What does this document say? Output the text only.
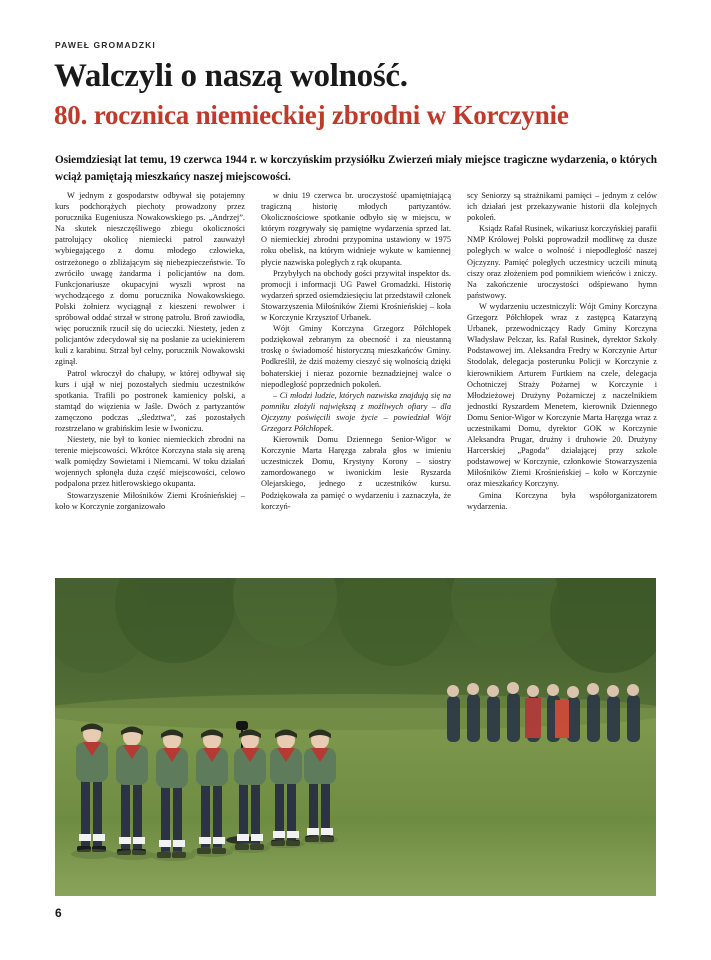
PAWEŁ GROMADZKI
Walczyli o naszą wolność.
80. rocznica niemieckiej zbrodni w Korczynie
Osiemdziesiąt lat temu, 19 czerwca 1944 r. w korczyńskim przysiółku Zwierzeń miały miejsce tragiczne wydarzenia, o których wciąż pamiętają mieszkańcy naszej miejscowości.

W jednym z gospodarstw odbywał się potajemny kurs podchorążych piechoty prowadzony przez porucznika Eugeniusza Nowakowskiego ps. „Andrzej”. Na skutek nieszczęśliwego zbiegu okoliczności patrolujący okolicę niemiecki patrol zauważył wybiegającego z domu młodego człowieka, ostrzeżonego o zbliżającym się niebezpieczeństwie. To zwróciło uwagę żandarma i policjantów na dom. Funkcjonariusze okupacyjni wyszli wprost na wychodzącego z domu porucznika Nowakowskiego. Polski żołnierz wyciągnął z kieszeni rewolwer i spróbował oddać strzał w stronę patrolu. Broń zawiodła, więc porucznik rzucił się do ucieczki. Niestety, jeden z policjantów zdecydował się na posłanie za uciekinierem kuli z karabinu. Strzał był celny, porucznik Nowakowski zginął.

Patrol wkroczył do chałupy, w której odbywał się kurs i ujął w nieј pozostałych siedmiu uczestników spotkania. Trafili po postronek kamienicy polski, a stamtąd do więzienia w Jaśle. Dwóch z partyzantów zamęczono podczas „śledztwa”, zaś pozostałych rozstrzelano w grabińskim lesie w Iwoniczu.

Niestety, nie był to koniec niemieckich zbrodni na terenie miejscowości. Wkrótce Korczyna stała się areną walk pomiędzy Sowietami i Niemcami. W toku działań wojennych spłonęła duża część miejscowości, celowo podpalona przez hitlerowskiego okupanta.

Stowarzyszenie Miłośników Ziemi Krośnieńskiej – koło w Korczynie zorganizowało

w dniu 19 czerwca br. uroczystość upamiętniającą tragiczną historię młodych partyzantów. Okolicznościowe spotkanie odbyło się w miejscu, w którym rozgrywały się pamiętne wydarzenia sprzed lat. O niemieckiej zbrodni przypomina ustawiony w 1975 roku obelisk, na którym widnieje wykute w kamiennej płycie nazwiska poległych z rąk okupanta.

Przybyłych na obchody gości przywitał inspektor ds. promocji i informacji UG Paweł Gromadzki. Historię wydarzeń sprzed osiemdziesięciu lat przedstawił członek Stowarzyszenia Miłośników Ziemi Krośnieńskiej – koła w Korczynie Krzysztof Urbanek.

Wójt Gminy Korczyna Grzegorz Półchłopek podziękował zebranym za obecność i za nieustanną troskę o świadomość historyczną mieszkańców Gminy. Podkreślił, że dziś możemy cieszyć się wolnością dzięki bohaterskiej i nieraz pozornie beznadziejnej walce o niepodległość poprzednich pokoleń.

– Ci młodzi ludzie, których nazwiska znajdują się na pomniku złożyli największą z możliwych ofiary – dla Ojczyzny poświęcili swoje życie – powiedział Wójt Grzegorz Półchłopek.

Kierownik Domu Dziennego Senior-Wigor w Korczynie Marta Haręzga zabrała głos w imieniu uczestniczek Domu, Krystyny Korony – siostry zamordowanego w iwonickim lesie Ryszarda Olejarskiego, jednego z uczestników kursu. Podziękowała za pamięć o wydarzeniu i zaznaczyła, że korczyń-

scy Seniorzy są strażnikami pamięci – jednym z celów ich działań jest przekazywanie historii dla kolejnych pokoleń.

Ksiądz Rafał Rusinek, wikariusz korczyńskiej parafii NMP Królowej Polski poprowadził modlitwę za dusze poległych w walce o wolność i niepodległość naszej Ojczyzny. Pamięć poległych uczestnicy uczcili minutą ciszy oraz złożeniem pod pomnikiem wieńców i zniczy. Na zakończenie uroczystości odśpiewano hymn państwowy.

W wydarzeniu uczestniczyli: Wójt Gminy Korczyna Grzegorz Półchłopek wraz z zastępcą Katarzyną Urbanek, przewodniczący Rady Gminy Korczyna Władysław Pelczar, ks. Rafał Rusinek, dyrektor Szkoły Podstawowej im. Aleksandra Fredry w Korczynie Artur Stodolak, delegacja posterunku Policji w Korczynie z kierownikiem Arturem Furtkiem na czele, delegacja Ochotniczej Straży Pożarnej w Korczynie i Młodzieżowej Drużyny Pożarniczej z naczelnikiem jednostki Ryszardem Menetem, kierownik Dziennego Domu Senior-Wigor w Korczynie Marta Haręzga wraz z uczestnikami Domu, dyrektor GOK w Korczynie Aleksandra Prugar, drużny i druhowie 20. Drużyny Harcerskiej „Pagoda” działającej przy szkole podstawowej w Korczynie, członkowie Stowarzyszenia Miłośników Ziemi Krośnieńskiej – koło w Korczynie oraz mieszkańcy Korczyny.

Gmina Korczyna była współorganizatorem wydarzenia.

6
